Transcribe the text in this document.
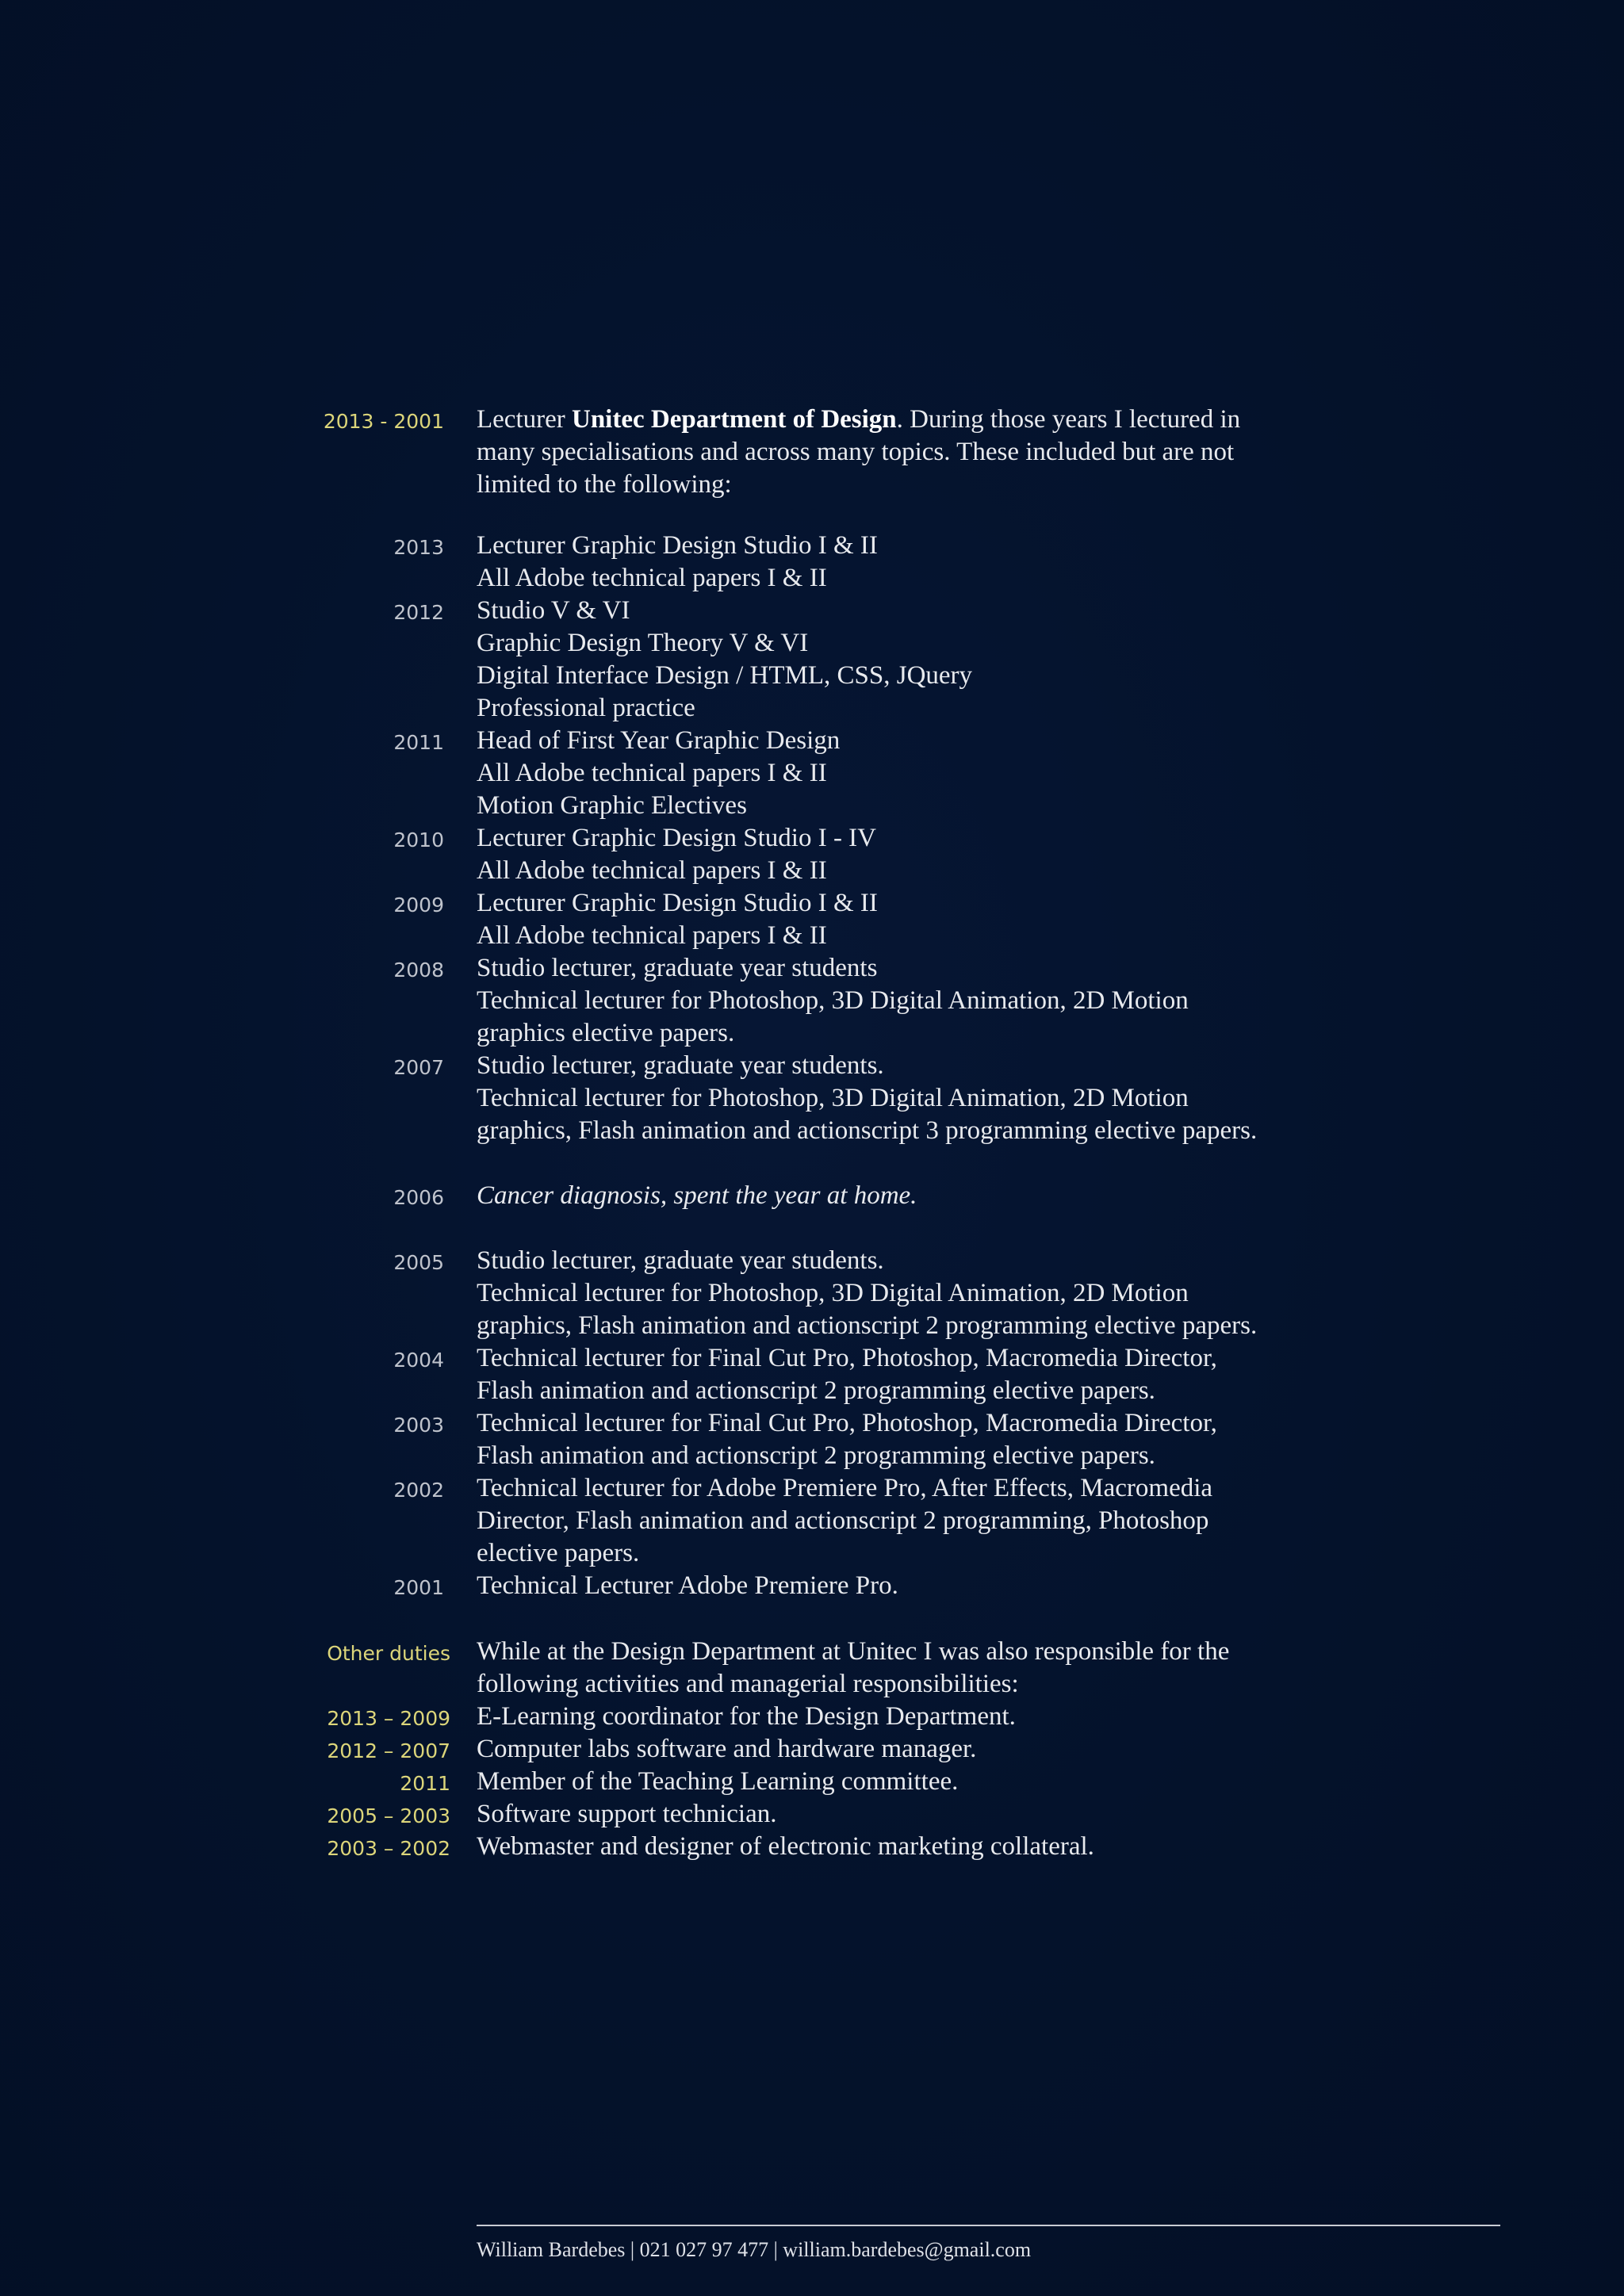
2013 - 2001 Lecturer Unitec Department of Design. During those years I lectured in
many specialisations and across many topics. These included but are not
limited to the following:
2013 Lecturer Graphic Design Studio I & II
All Adobe technical papers I & II
2012 Studio V & VI
Graphic Design Theory V & VI
Digital Interface Design / HTML, CSS, JQuery
Professional practice
2011 Head of First Year Graphic Design
All Adobe technical papers I & II
Motion Graphic Electives
2010 Lecturer Graphic Design Studio I - IV
All Adobe technical papers I & II
2009 Lecturer Graphic Design Studio I & II
All Adobe technical papers I & II
2008 Studio lecturer, graduate year students
Technical lecturer for Photoshop, 3D Digital Animation, 2D Motion
graphics elective papers.
2007 Studio lecturer, graduate year students.
Technical lecturer for Photoshop, 3D Digital Animation, 2D Motion
graphics, Flash animation and actionscript 3 programming elective papers.
2006 Cancer diagnosis, spent the year at home.
2005 Studio lecturer, graduate year students.
Technical lecturer for Photoshop, 3D Digital Animation, 2D Motion
graphics, Flash animation and actionscript 2 programming elective papers.
2004 Technical lecturer for Final Cut Pro, Photoshop, Macromedia Director,
Flash animation and actionscript 2 programming elective papers.
2003 Technical lecturer for Final Cut Pro, Photoshop, Macromedia Director,
Flash animation and actionscript 2 programming elective papers.
2002 Technical lecturer for Adobe Premiere Pro, After Effects, Macromedia
Director, Flash animation and actionscript 2 programming, Photoshop
elective papers.
2001 Technical Lecturer Adobe Premiere Pro.
Other duties While at the Design Department at Unitec I was also responsible for the
following activities and managerial responsibilities:
2013 – 2009 E-Learning coordinator for the Design Department.
2012 – 2007 Computer labs software and hardware manager.
2011 Member of the Teaching Learning committee.
2005 – 2003 Software support technician.
2003 – 2002 Webmaster and designer of electronic marketing collateral.
William Bardebes | 021 027 97 477 | william.bardebes@gmail.com
